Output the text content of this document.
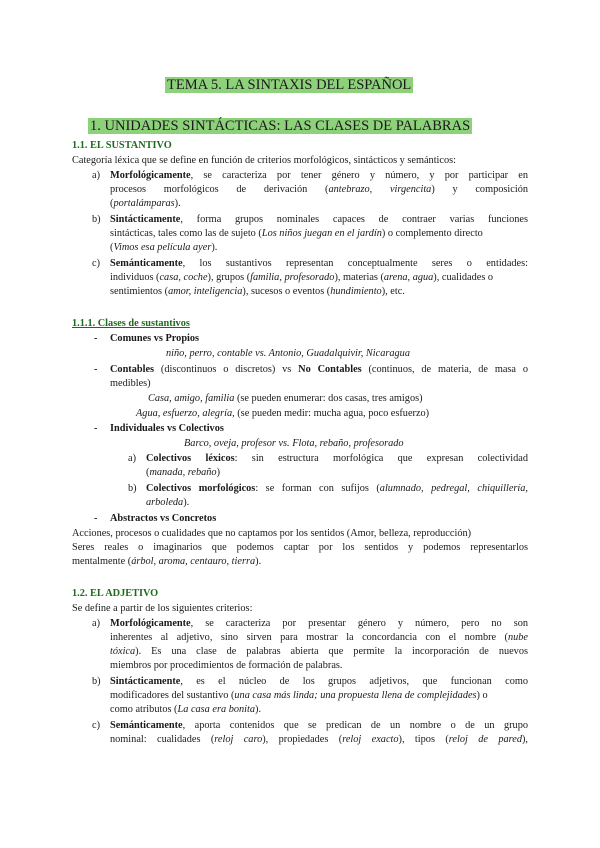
TEMA 5. LA SINTAXIS DEL ESPAÑOL
1. UNIDADES SINTÁCTICAS: LAS CLASES DE PALABRAS
1.1. EL SUSTANTIVO
Categoría léxica que se define en función de criterios morfológicos, sintácticos y semánticos:
a) Morfológicamente, se caracteriza por tener género y número, y por participar en
procesos morfológicos de derivación (antebrazo, virgencita) y composición
(portalámparas).
b) Sintácticamente, forma grupos nominales capaces de contraer varias funciones
sintácticas, tales como las de sujeto (Los niños juegan en el jardín) o complemento directo
(Vimos esa película ayer).
c) Semánticamente, los sustantivos representan conceptualmente seres o entidades:
individuos (casa, coche), grupos (familia, profesorado), materias (arena, agua), cualidades o
sentimientos (amor, inteligencia), sucesos o eventos (hundimiento), etc.
1.1.1. Clases de sustantivos
- Comunes vs Propios
niño, perro, contable vs. Antonio, Guadalquivir, Nicaragua
- Contables (discontinuos o discretos) vs No Contables (continuos, de materia, de masa o
medibles)
Casa, amigo, familia (se pueden enumerar: dos casas, tres amigos)
Agua, esfuerzo, alegría, (se pueden medir: mucha agua, poco esfuerzo)
- Individuales vs Colectivos
Barco, oveja, profesor vs. Flota, rebaño, profesorado
a) Colectivos léxicos: sin estructura morfológica que expresan colectividad
(manada, rebaño)
b) Colectivos morfológicos: se forman con sufijos (alumnado, pedregal, chiquillería,
arboleda).
- Abstractos vs Concretos
Acciones, procesos o cualidades que no captamos por los sentidos (Amor, belleza, reproducción)
Seres reales o imaginarios que podemos captar por los sentidos y podemos representarlos
mentalmente (árbol, aroma, centauro, tierra).
1.2. EL ADJETIVO
Se define a partir de los siguientes criterios:
a) Morfológicamente, se caracteriza por presentar género y número, pero no son
inherentes al adjetivo, sino sirven para mostrar la concordancia con el nombre (nube
tóxica). Es una clase de palabras abierta que permite la incorporación de nuevos
miembros por procedimientos de formación de palabras.
b) Sintácticamente, es el núcleo de los grupos adjetivos, que funcionan como
modificadores del sustantivo (una casa más linda; una propuesta llena de complejidades) o
como atributos (La casa era bonita).
c) Semánticamente, aporta contenidos que se predican de un nombre o de un grupo
nominal: cualidades (reloj caro), propiedades (reloj exacto), tipos (reloj de pared),
